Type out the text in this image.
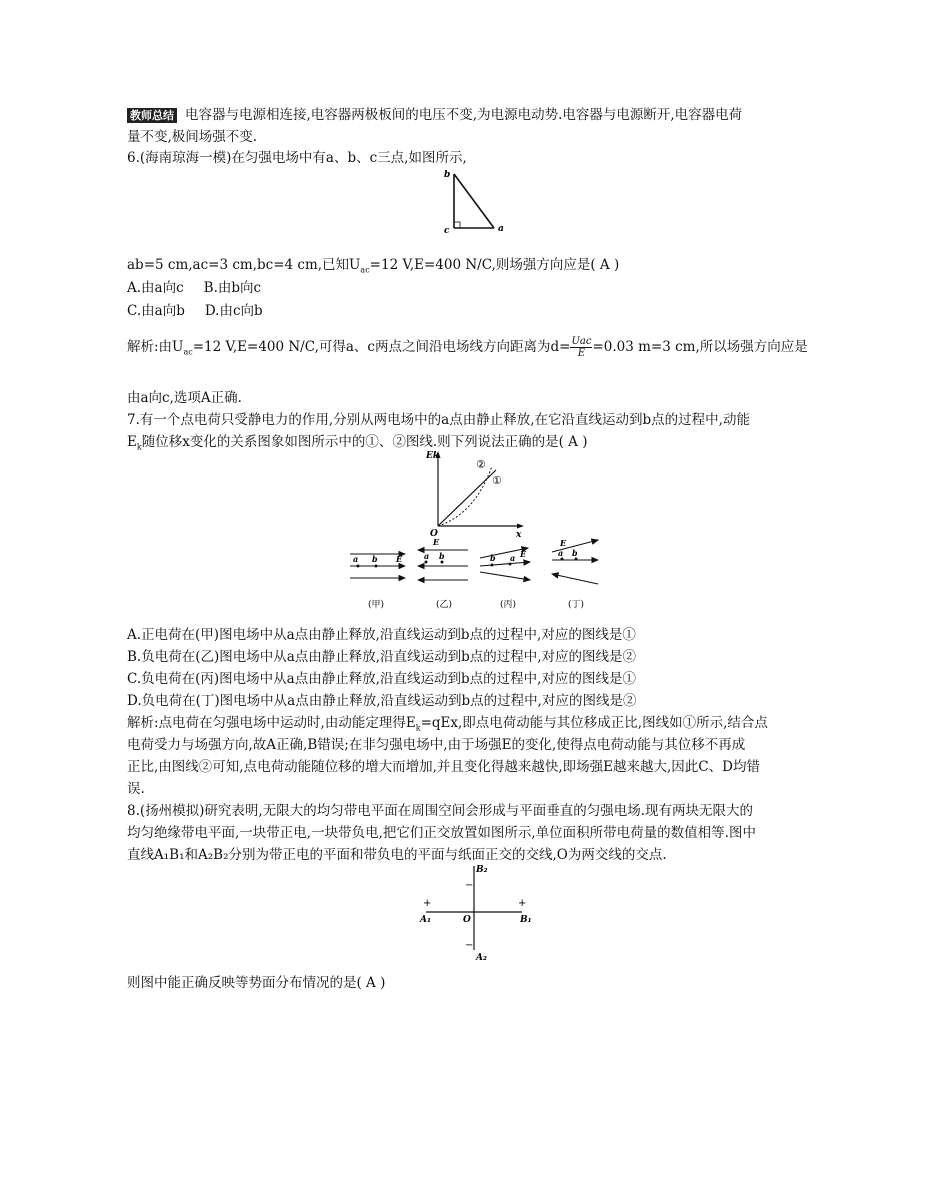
教师总结 电容器与电源相连接,电容器两极板间的电压不变,为电源电动势.电容器与电源断开,电容器电荷
量不变,极间场强不变.
6.(海南琼海一模)在匀强电场中有a、b、c三点,如图所示,
b
c	a
ab=5 cm,ac=3 cm,bc=4 cm,已知$U_{ac}=12$ V,E=400 N/C,则场强方向应是( A )
A.由a向c B.由b向c
C.由a向b D.由c向b
解析:由$U_{ac}=12$ V,E=400 N/C,可得a、c两点之间沿电场线方向距离为$d= \frac{\text{Uac}}{E} =0.03$ m=3 cm,所以场强方向应是
由a向c,选项A正确.
7.有一个点电荷只受静电力的作用,分别从两电场中的a点由静止释放,在它沿直线运动到b点的过程中,动能
$E_k$随位移x变化的关系图象如图所示中的①、②图线.则下列说法正确的是( A )
Ek
x
O
②
①
a b E
(甲)
E
a b
(乙)
b a E
(丙)
E
a b
(丁)
A.正电荷在(甲)图电场中从a点由静止释放,沿直线运动到b点的过程中,对应的图线是①
B.负电荷在(乙)图电场中从a点由静止释放,沿直线运动到b点的过程中,对应的图线是②
C.负电荷在(丙)图电场中从a点由静止释放,沿直线运动到b点的过程中,对应的图线是①
D.负电荷在(丁)图电场中从a点由静止释放,沿直线运动到b点的过程中,对应的图线是②
解析:点电荷在匀强电场中运动时,由动能定理得$E_k=qEx$,即点电荷动能与其位移成正比,图线如①所示,结合点
电荷受力与场强方向,故A正确,B错误;在非匀强电场中,由于场强E的变化,使得点电荷动能与其位移不再成
正比,由图线②可知,点电荷动能随位移的增大而增加,并且变化得越来越快,即场强E越来越大,因此C、D均错
误.
8.(扬州模拟)研究表明,无限大的均匀带电平面在周围空间会形成与平面垂直的匀强电场.现有两块无限大的
均匀绝缘带电平面,一块带正电,一块带负电,把它们正交放置如图所示,单位面积所带电荷量的数值相等.图中
直线A₁B₁和A₂B₂分别为带正电的平面和带负电的平面与纸面正交的交线,O为两交线的交点.
B₂
A₁	B₁
A₂
O
+	+
−
−
则图中能正确反映等势面分布情况的是( A )
